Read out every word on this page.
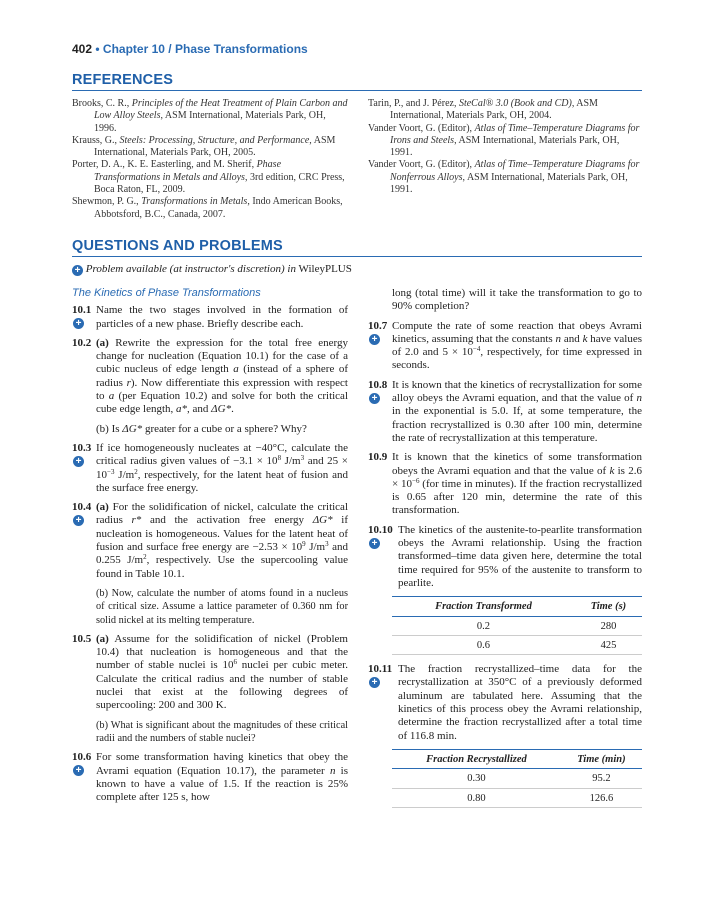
402 • Chapter 10 / Phase Transformations
REFERENCES

Brooks, C. R., Principles of the Heat Treatment of Plain Carbon and Low Alloy Steels, ASM International, Materials Park, OH, 1996.

Krauss, G., Steels: Processing, Structure, and Performance, ASM International, Materials Park, OH, 2005.

Porter, D. A., K. E. Easterling, and M. Sherif, Phase Transformations in Metals and Alloys, 3rd edition, CRC Press, Boca Raton, FL, 2009.

Shewmon, P. G., Transformations in Metals, Indo American Books, Abbotsford, B.C., Canada, 2007.

Tarin, P., and J. Pérez, SteCal® 3.0 (Book and CD), ASM International, Materials Park, OH, 2004.

Vander Voort, G. (Editor), Atlas of Time–Temperature Diagrams for Irons and Steels, ASM International, Materials Park, OH, 1991.

Vander Voort, G. (Editor), Atlas of Time–Temperature Diagrams for Nonferrous Alloys, ASM International, Materials Park, OH, 1991.

QUESTIONS AND PROBLEMS
+ Problem available (at instructor's discretion) in WileyPLUS
The Kinetics of Phase Transformations
10.1
+
Name the two stages involved in the formation of particles of a new phase. Briefly describe each.
10.2 (a) Rewrite the expression for the total free energy change for nucleation (Equation 10.1) for the case of a cubic nucleus of edge length a (instead of a sphere of radius r). Now differentiate this expression with respect to a (per Equation 10.2) and solve for both the critical cube edge length, a*, and ΔG*.
(b) Is ΔG* greater for a cube or a sphere? Why?
10.3
+
If ice homogeneously nucleates at −40°C, calculate the critical radius given values of $-3.1 \times 10^8$ $J/m^3$ and $25 \times 10^{-3}$ $J/m^2$, respectively, for the latent heat of fusion and the surface free energy.
10.4
+
(a) For the solidification of nickel, calculate the critical radius r* and the activation free energy ΔG* if nucleation is homogeneous. Values for the latent heat of fusion and surface free energy are $-2.53 \times 10^9$ $J/m^3$ and 0.255 $J/m^2$, respectively. Use the supercooling value found in Table 10.1.
(b) Now, calculate the number of atoms found in a nucleus of critical size. Assume a lattice parameter of 0.360 nm for solid nickel at its melting temperature.
10.5 (a) Assume for the solidification of nickel (Problem 10.4) that nucleation is homogeneous and that the number of stable nuclei is $10^6$ nuclei per cubic meter. Calculate the critical radius and the number of stable nuclei that exist at the following degrees of supercooling: 200 and 300 K.
(b) What is significant about the magnitudes of these critical radii and the numbers of stable nuclei?
10.6
+
For some transformation having kinetics that obey the Avrami equation (Equation 10.17), the parameter n is known to have a value of 1.5. If the reaction is 25% complete after 125 s, how
long (total time) will it take the transformation to go to 90% completion?
10.7
+
Compute the rate of some reaction that obeys Avrami kinetics, assuming that the constants n and k have values of 2.0 and $5 \times 10^{-4}$, respectively, for time expressed in seconds.
10.8
+
It is known that the kinetics of recrystallization for some alloy obeys the Avrami equation, and that the value of n in the exponential is 5.0. If, at some temperature, the fraction recrystallized is 0.30 after 100 min, determine the rate of recrystallization at this temperature.
10.9 It is known that the kinetics of some transformation obeys the Avrami equation and that the value of k is $2.6 \times 10^{-6}$ (for time in minutes). If the fraction recrystallized is 0.65 after 120 min, determine the rate of this transformation.
10.10
+
The kinetics of the austenite-to-pearlite transformation obeys the Avrami relationship. Using the fraction transformed–time data given here, determine the total time required for 95% of the austenite to transform to pearlite.
Fraction Transformed	Time (s)
0.2	280
0.6	425
10.11
+
The fraction recrystallized–time data for the recrystallization at 350°C of a previously deformed aluminum are tabulated here. Assuming that the kinetics of this process obey the Avrami relationship, determine the fraction recrystallized after a total time of 116.8 min.
Fraction Recrystallized	Time (min)
0.30	95.2
0.80	126.6
